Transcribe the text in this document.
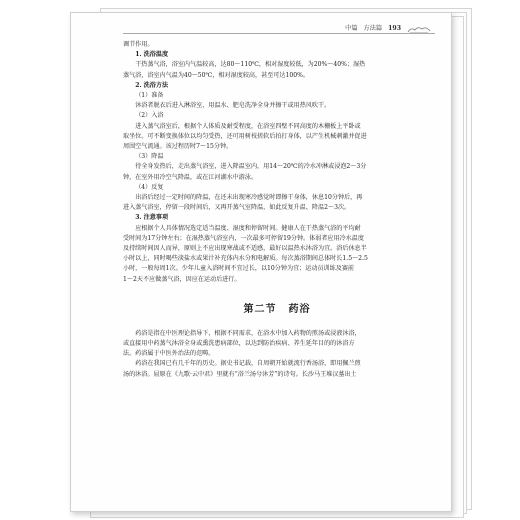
中篇 方法篇 193

调节作用。

1. 洗浴温度

干热蒸气浴，浴室内气温较高，达80～110℃，相对湿度较低，为20%～40%；湿热
蒸气浴，浴室内气温为40～50℃，相对湿度较高，甚至可达100%。

2. 洗浴方法

（1）准备

沐浴者脱衣后进入淋浴室，用温水、肥皂洗净全身并擦干或用热风吹干。

（2）入浴

进入蒸气浴室后，根据个人体质及耐受程度，在浴室四壁不同高度的木栅板上平卧或
取坐位。可不断变换体位以均匀受热，还可用树枝搓软后拍打身体，以产生机械刺激并促进
周围空气流通。该过程历时7～15分钟。

（3）降温

待全身发热后，走出蒸气浴室，进入降温室内，用14～20℃的冷水冲淋或浸泡2～3分
钟，在室外用冷空气降温，或在江河湖水中游泳。

（4）反复

出浴后经过一定时间的降温，在还未出现寒冷感觉时即擦干身体，休息10分钟后，再
进入蒸气浴室，停留一段时间后，又再开蒸气室降温，如此反复升温、降温2～3次。

3. 注意事项

应根据个人具体情况选定适当温度、湿度和停留时间。健康人在干热蒸气浴的平均耐
受时间为17分钟左右；在湿热蒸气浴室内，一次最多可停留19分钟。体弱者应用冷水温度
及持续时间因人而异，原则上不应出现寒战或不适感，最好以温热水沐浴为宜。浴后休息半
小时以上，同时喝些淡盐水或果汁补充体内水分和电解质。每次蒸浴期间总体时长1.5～2.5
小时，一般每周1次。少年儿童入浴时间不宜过长，以10分钟为宜；运动员训练及赛前
1～2天不应做蒸气浴，因应在运动后进行。

第二节 药浴

药浴是指在中医理论指导下，根据不同需求，在浴水中加入药物的煎汤或浸液沐浴，
或直接用中药蒸气沐浴全身或熏洗患病部位，以达到防治疾病、养生延年目的的沐浴方
法。药浴属于中医外治法的范畴。

药浴在我国已有几千年的历史。据史书记载，自周朝开始就流行香汤浴，即用佩兰煎
汤的沐浴。屈原在《九歌·云中君》里就有“浴兰汤兮沐芳”的诗句。长沙马王堆汉墓出土
